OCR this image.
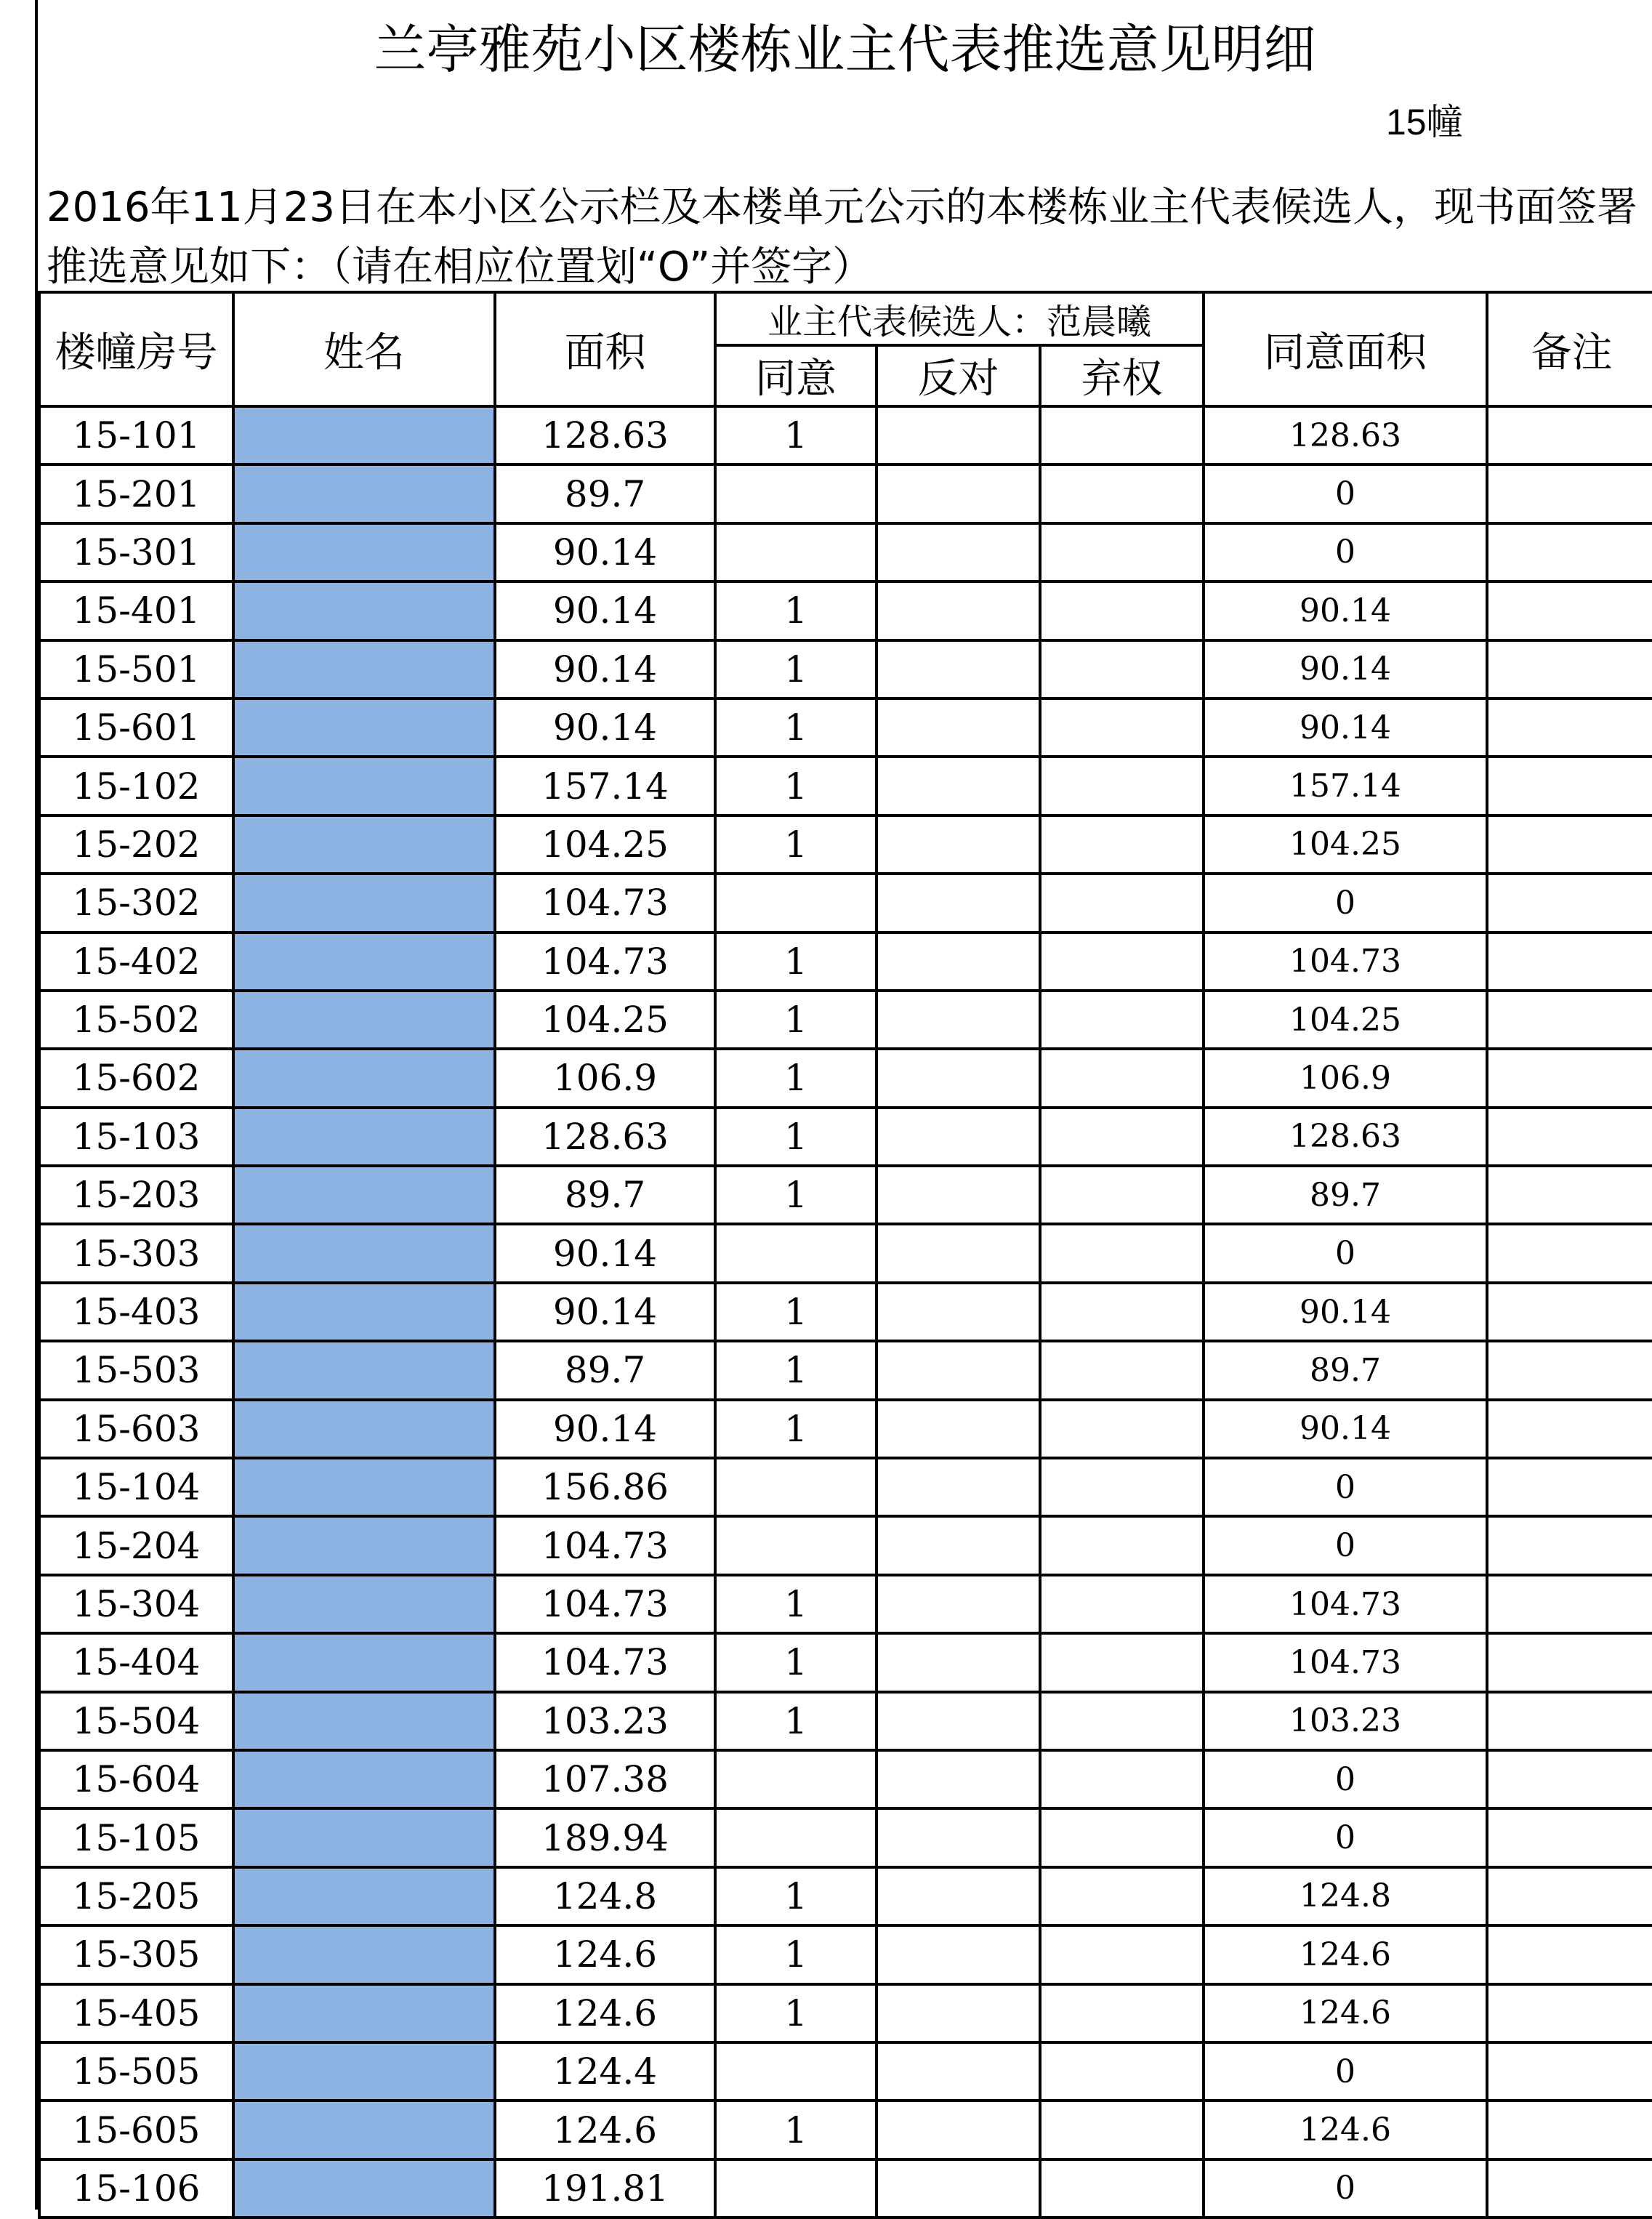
兰亭雅苑小区楼栋业主代表推选意见明细
15幢
2016年11月23日在本小区公示栏及本楼单元公示的本楼栋业主代表候选人，现书面签署推选意见如下：（请在相应位置划“O”并签字）
楼幢房号	姓名	面积	业主代表候选人：范晨曦			同意面积	备注
			同意	反对	弃权		
15-101		128.63	1			128.63	
15-201		89.7				0	
15-301		90.14				0	
15-401		90.14	1			90.14	
15-501		90.14	1			90.14	
15-601		90.14	1			90.14	
15-102		157.14	1			157.14	
15-202		104.25	1			104.25	
15-302		104.73				0	
15-402		104.73	1			104.73	
15-502		104.25	1			104.25	
15-602		106.9	1			106.9	
15-103		128.63	1			128.63	
15-203		89.7	1			89.7	
15-303		90.14				0	
15-403		90.14	1			90.14	
15-503		89.7	1			89.7	
15-603		90.14	1			90.14	
15-104		156.86				0	
15-204		104.73				0	
15-304		104.73	1			104.73	
15-404		104.73	1			104.73	
15-504		103.23	1			103.23	
15-604		107.38				0	
15-105		189.94				0	
15-205		124.8	1			124.8	
15-305		124.6	1			124.6	
15-405		124.6	1			124.6	
15-505		124.4				0	
15-605		124.6	1			124.6	
15-106		191.81				0	
